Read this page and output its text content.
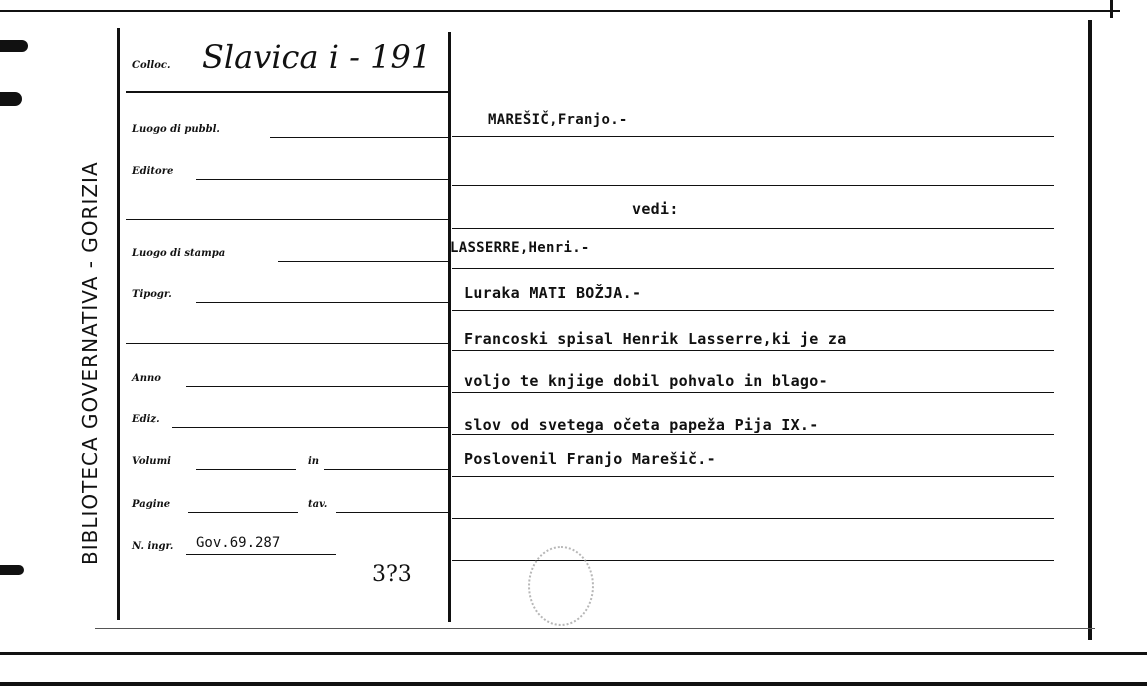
BIBLIOTECA GOVERNATIVA - GORIZIA
Colloc. Slavica i - 191
Luogo di pubbl.
Editore
Luogo di stampa
Tipogr.
Anno
Ediz.
Volumi	in
Pagine	tav.
N. ingr. Gov.69.287
3?3
MAREŠIČ,Franjo.-
vedi:
LASSERRE,Henri.-
Luraka MATI BOŽJA.-
Francoski spisal Henrik Lasserre,ki je za
voljo te knjige dobil pohvalo in blago-
slov od svetega očeta papeža Pija IX.-
Poslovenil Franjo Marešič.-
